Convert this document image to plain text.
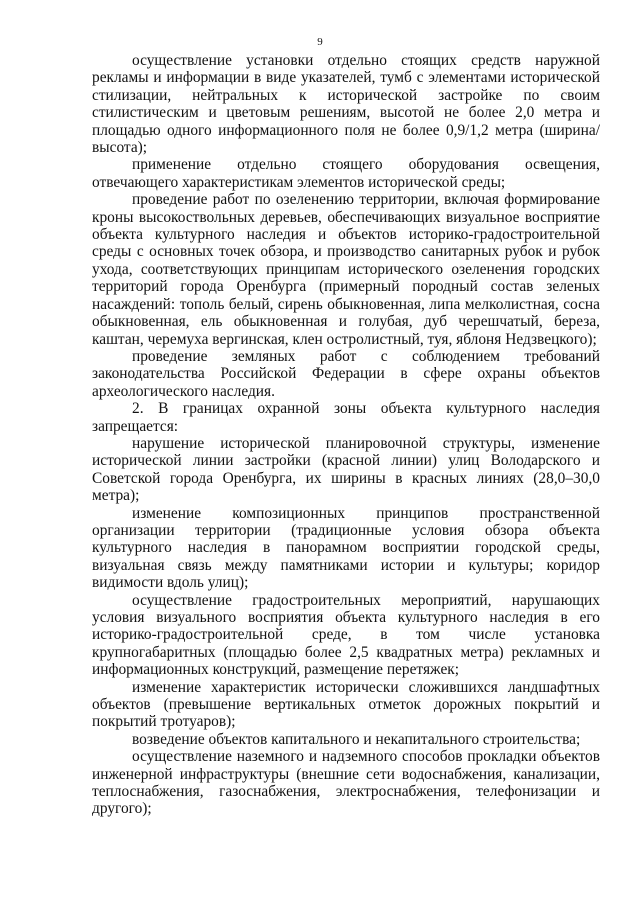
9

осуществление установки отдельно стоящих средств наружной рекламы и информации в виде указателей, тумб с элементами исторической стилизации, нейтральных к исторической застройке по своим стилистическим и цветовым решениям, высотой не более 2,0 метра и площадью одного информационного поля не более 0,9/1,2 метра (ширина/высота);

применение отдельно стоящего оборудования освещения, отвечающего характеристикам элементов исторической среды;

проведение работ по озеленению территории, включая формирование кроны высокоствольных деревьев, обеспечивающих визуальное восприятие объекта культурного наследия и объектов историко-градостроительной среды с основных точек обзора, и производство санитарных рубок и рубок ухода, соответствующих принципам исторического озеленения городских территорий города Оренбурга (примерный породный состав зеленых насаждений: тополь белый, сирень обыкновенная, липа мелколистная, сосна обыкновенная, ель обыкновенная и голубая, дуб черешчатый, береза, каштан, черемуха вергинская, клен остролистный, туя, яблоня Недзвецкого);

проведение земляных работ с соблюдением требований законодательства Российской Федерации в сфере охраны объектов археологического наследия.

2. В границах охранной зоны объекта культурного наследия запрещается:

нарушение исторической планировочной структуры, изменение исторической линии застройки (красной линии) улиц Володарского и Советской города Оренбурга, их ширины в красных линиях (28,0–30,0 метра);

изменение композиционных принципов пространственной организации территории (традиционные условия обзора объекта культурного наследия в панорамном восприятии городской среды, визуальная связь между памятниками истории и культуры; коридор видимости вдоль улиц);

осуществление градостроительных мероприятий, нарушающих условия визуального восприятия объекта культурного наследия в его историко-градостроительной среде, в том числе установка крупногабаритных (площадью более 2,5 квадратных метра) рекламных и информационных конструкций, размещение перетяжек;

изменение характеристик исторически сложившихся ландшафтных объектов (превышение вертикальных отметок дорожных покрытий и покрытий тротуаров);

возведение объектов капитального и некапитального строительства;

осуществление наземного и надземного способов прокладки объектов инженерной инфраструктуры (внешние сети водоснабжения, канализации, теплоснабжения, газоснабжения, электроснабжения, телефонизации и другого);
